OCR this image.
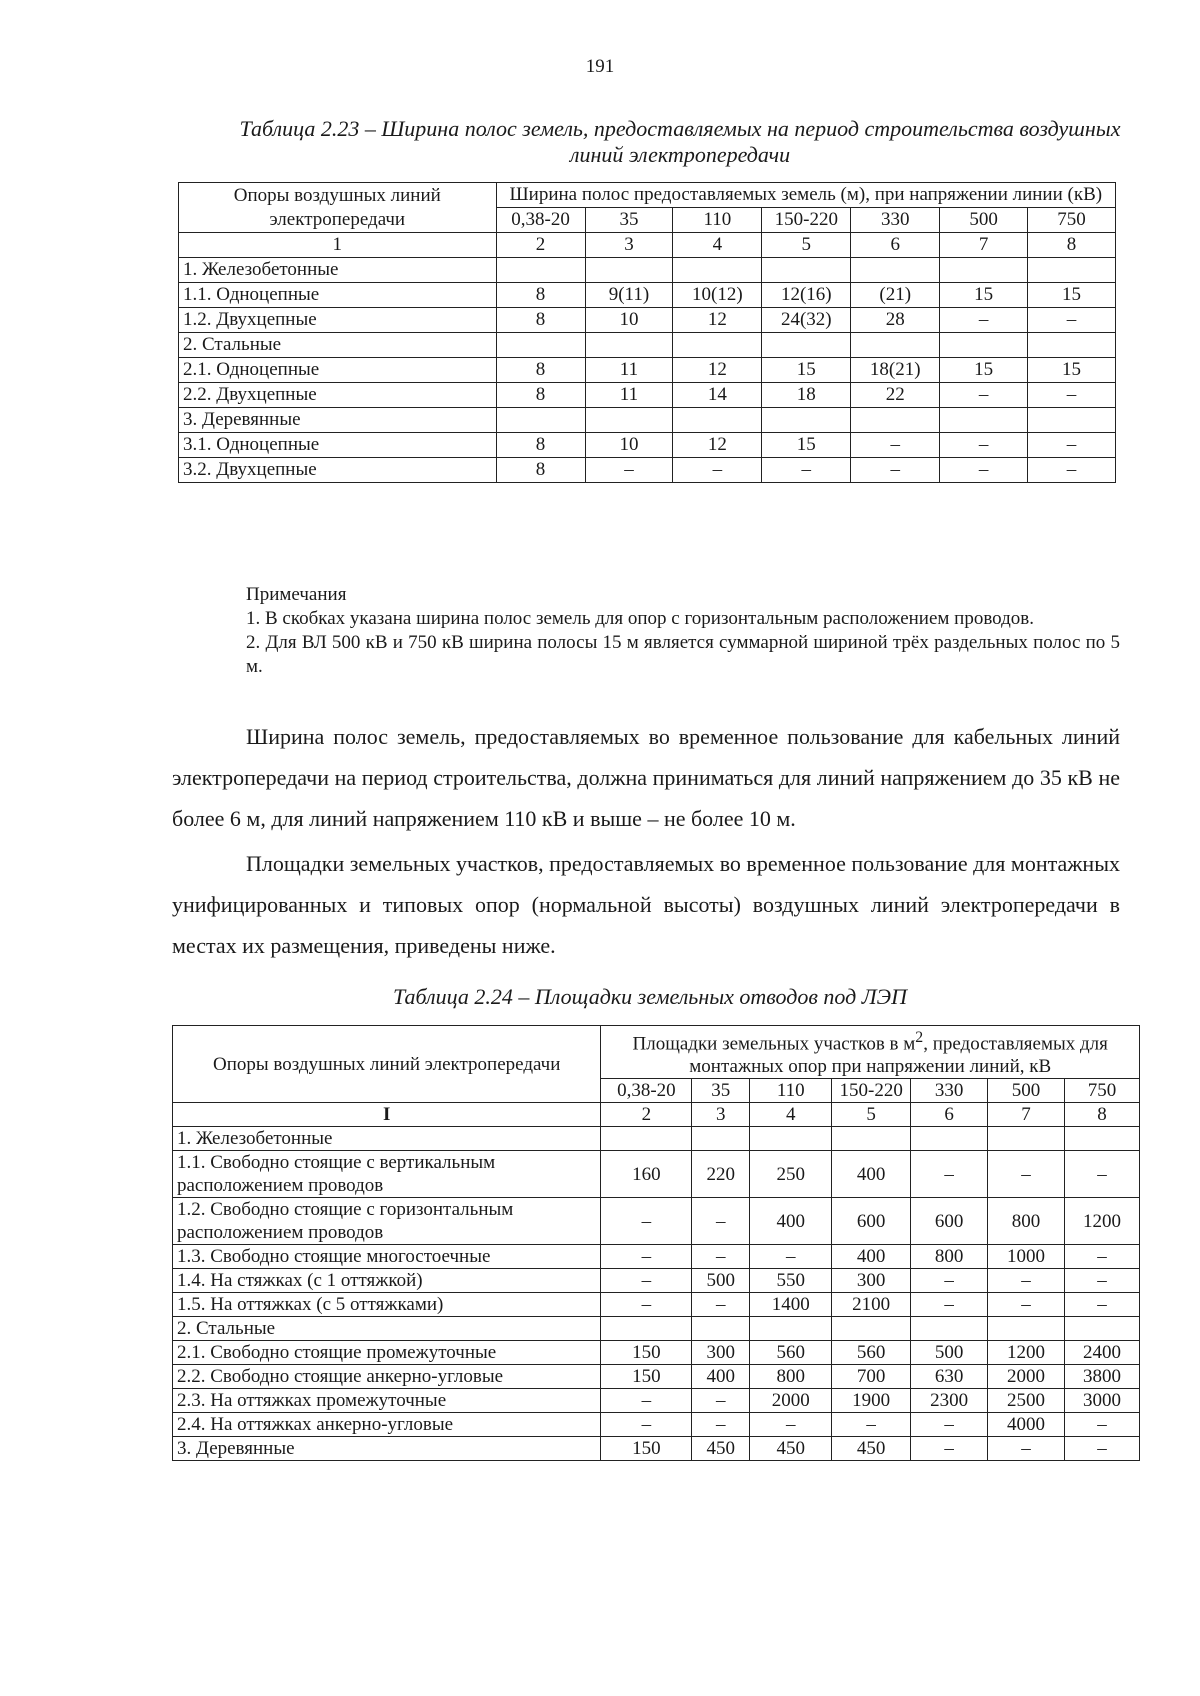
191
Таблица 2.23 – Ширина полос земель, предоставляемых на период строительства воздушных линий электропередачи
Опоры воздушных линий электропередачи	Ширина полос предоставляемых земель (м), при напряжении линии (кВ)						
	0,38-20	35	110	150-220	330	500	750
1	2	3	4	5	6	7	8
1. Железобетонные							
1.1. Одноцепные	8	9(11)	10(12)	12(16)	(21)	15	15
1.2. Двухцепные	8	10	12	24(32)	28	–	–
2. Стальные							
2.1. Одноцепные	8	11	12	15	18(21)	15	15
2.2. Двухцепные	8	11	14	18	22	–	–
3. Деревянные							
3.1. Одноцепные	8	10	12	15	–	–	–
3.2. Двухцепные	8	–	–	–	–	–	–

Примечания

1. В скобках указана ширина полос земель для опор с горизонтальным расположением проводов.

2. Для ВЛ 500 кВ и 750 кВ ширина полосы 15 м является суммарной шириной трёх раздельных полос по 5 м.

Ширина полос земель, предоставляемых во временное пользование для кабельных линий электропередачи на период строительства, должна приниматься для линий напряжением до 35 кВ не более 6 м, для линий напряжением 110 кВ и выше – не более 10 м.

Площадки земельных участков, предоставляемых во временное пользование для монтажных унифицированных и типовых опор (нормальной высоты) воздушных линий электропередачи в местах их размещения, приведены ниже.

Таблица 2.24 – Площадки земельных отводов под ЛЭП
Опоры воздушных линий электропередачи	Площадки земельных участков в $м^2$, предоставляемых для монтажных опор при напряжении линий, кВ						
	0,38-20	35	110	150-220	330	500	750
I	2	3	4	5	6	7	8
1. Железобетонные							
1.1. Свободно стоящие с вертикальным расположением проводов	160	220	250	400	–	–	–
1.2. Свободно стоящие с горизонтальным расположением проводов	–	–	400	600	600	800	1200
1.3. Свободно стоящие многостоечные	–	–	–	400	800	1000	–
1.4. На стяжках (с 1 оттяжкой)	–	500	550	300	–	–	–
1.5. На оттяжках (с 5 оттяжками)	–	–	1400	2100	–	–	–
2. Стальные							
2.1. Свободно стоящие промежуточные	150	300	560	560	500	1200	2400
2.2. Свободно стоящие анкерно-угловые	150	400	800	700	630	2000	3800
2.3. На оттяжках промежуточные	–	–	2000	1900	2300	2500	3000
2.4. На оттяжках анкерно-угловые	–	–	–	–	–	4000	–
3. Деревянные	150	450	450	450	–	–	–
